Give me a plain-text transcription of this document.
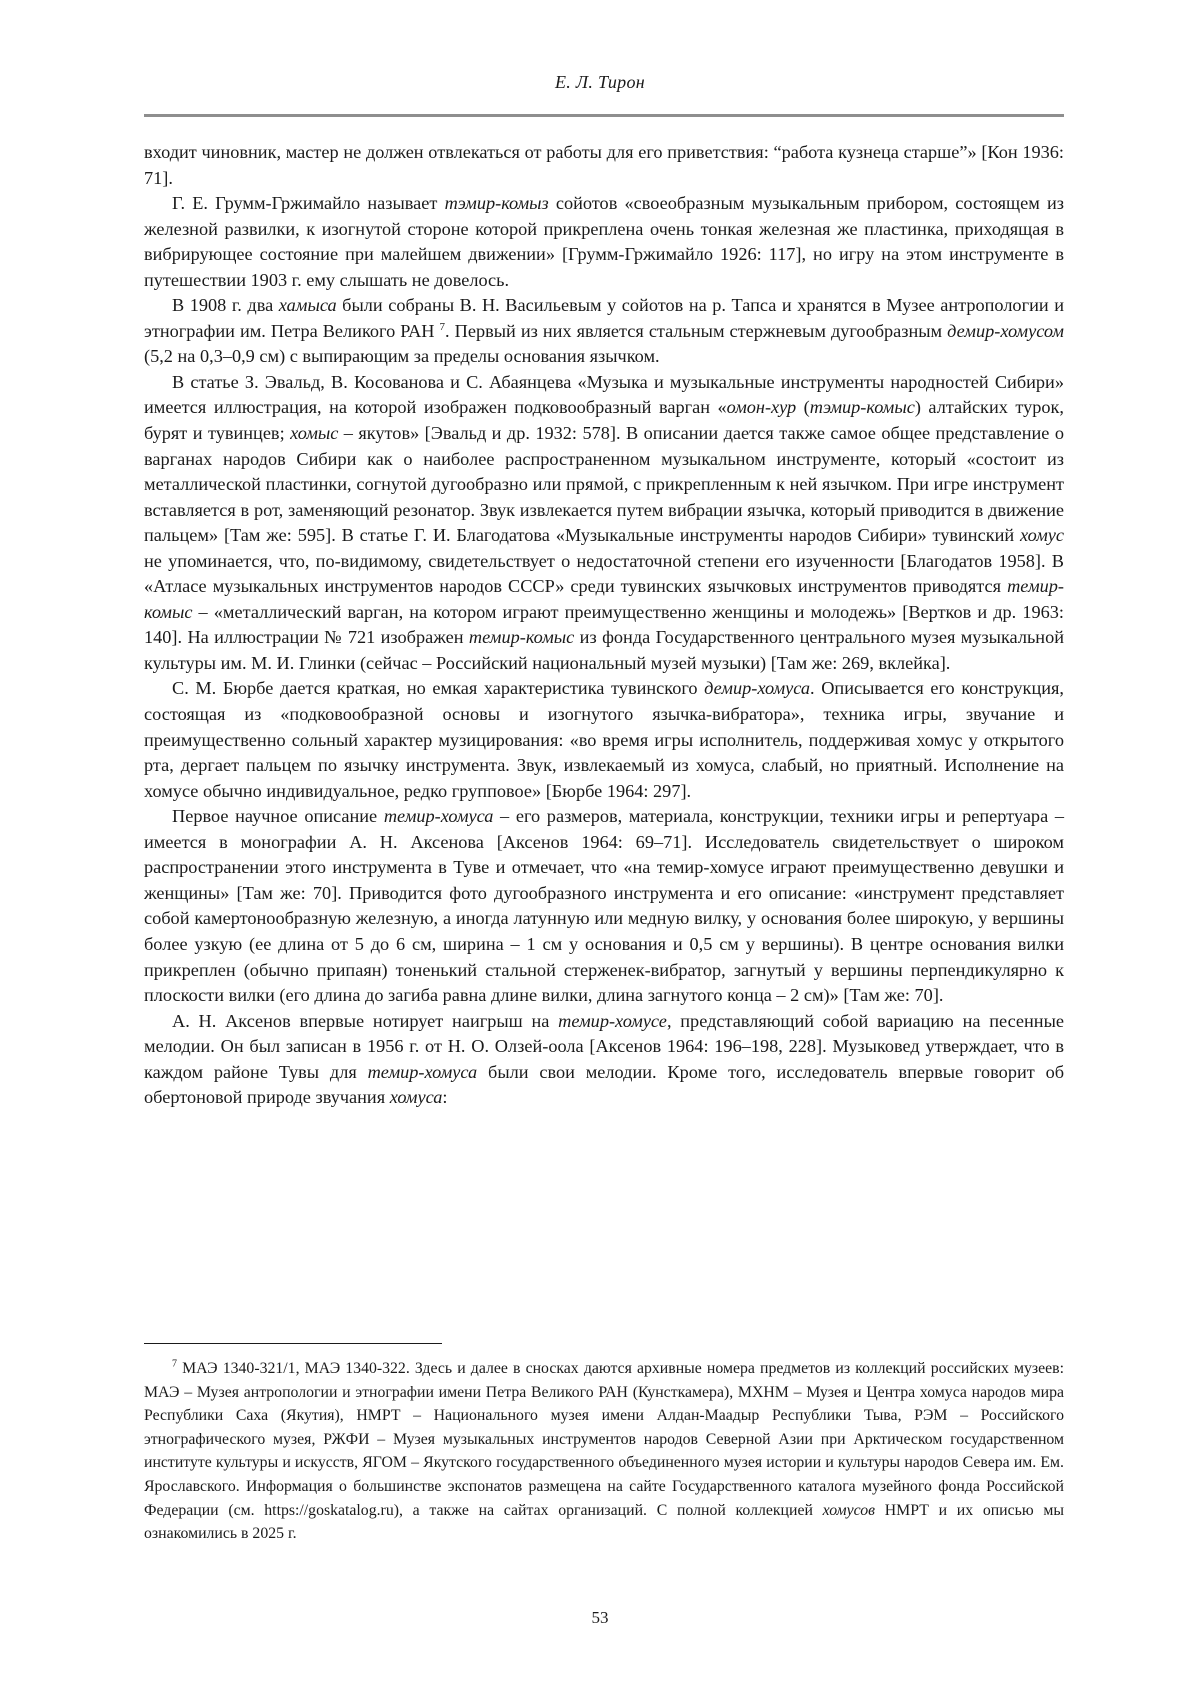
Е. Л. Тирон

входит чиновник, мастер не должен отвлекаться от работы для его приветствия: “работа кузнеца старше”» [Кон 1936: 71].

Г. Е. Грумм-Гржимайло называет тэмир-комыз сойотов «своеобразным музыкальным прибором, состоящем из железной развилки, к изогнутой стороне которой прикреплена очень тонкая железная же пластинка, приходящая в вибрирующее состояние при малейшем движении» [Грумм-Гржимайло 1926: 117], но игру на этом инструменте в путешествии 1903 г. ему слышать не довелось.

В 1908 г. два хамыса были собраны В. Н. Васильевым у сойотов на р. Тапса и хранятся в Музее антропологии и этнографии им. Петра Великого РАН $^7$. Первый из них является стальным стержневым дугообразным демир-хомусом (5,2 на 0,3–0,9 см) с выпирающим за пределы основания язычком.

В статье З. Эвальд, В. Косованова и С. Абаянцева «Музыка и музыкальные инструменты народностей Сибири» имеется иллюстрация, на которой изображен подковообразный варган «омон-хур (тэмир-комыс) алтайских турок, бурят и тувинцев; хомыс – якутов» [Эвальд и др. 1932: 578]. В описании дается также самое общее представление о варганах народов Сибири как о наиболее распространенном музыкальном инструменте, который «состоит из металлической пластинки, согнутой дугообразно или прямой, с прикрепленным к ней язычком. При игре инструмент вставляется в рот, заменяющий резонатор. Звук извлекается путем вибрации язычка, который приводится в движение пальцем» [Там же: 595]. В статье Г. И. Благодатова «Музыкальные инструменты народов Сибири» тувинский хомус не упоминается, что, по-видимому, свидетельствует о недостаточной степени его изученности [Благодатов 1958]. В «Атласе музыкальных инструментов народов СССР» среди тувинских язычковых инструментов приводятся темир-комыс – «металлический варган, на котором играют преимущественно женщины и молодежь» [Вертков и др. 1963: 140]. На иллюстрации № 721 изображен темир-комыс из фонда Государственного центрального музея музыкальной культуры им. М. И. Глинки (сейчас – Российский национальный музей музыки) [Там же: 269, вклейка].

С. М. Бюрбе дается краткая, но емкая характеристика тувинского демир-хомуса. Описывается его конструкция, состоящая из «подковообразной основы и изогнутого язычка-вибратора», техника игры, звучание и преимущественно сольный характер музицирования: «во время игры исполнитель, поддерживая хомус у открытого рта, дергает пальцем по язычку инструмента. Звук, извлекаемый из хомуса, слабый, но приятный. Исполнение на хомусе обычно индивидуальное, редко групповое» [Бюрбе 1964: 297].

Первое научное описание темир-хомуса – его размеров, материала, конструкции, техники игры и репертуара – имеется в монографии А. Н. Аксенова [Аксенов 1964: 69–71]. Исследователь свидетельствует о широком распространении этого инструмента в Туве и отмечает, что «на темир-хомусе играют преимущественно девушки и женщины» [Там же: 70]. Приводится фото дугообразного инструмента и его описание: «инструмент представляет собой камертонообразную железную, а иногда латунную или медную вилку, у основания более широкую, у вершины более узкую (ее длина от 5 до 6 см, ширина – 1 см у основания и 0,5 см у вершины). В центре основания вилки прикреплен (обычно припаян) тоненький стальной стерженек-вибратор, загнутый у вершины перпендикулярно к плоскости вилки (его длина до загиба равна длине вилки, длина загнутого конца – 2 см)» [Там же: 70].

А. Н. Аксенов впервые нотирует наигрыш на темир-хомусе, представляющий собой вариацию на песенные мелодии. Он был записан в 1956 г. от Н. О. Олзей-оола [Аксенов 1964: 196–198, 228]. Музыковед утверждает, что в каждом районе Тувы для темир-хомуса были свои мелодии. Кроме того, исследователь впервые говорит об обертоновой природе звучания хомуса:

$^7$ МАЭ 1340-321/1, МАЭ 1340-322. Здесь и далее в сносках даются архивные номера предметов из коллекций российских музеев: МАЭ – Музея антропологии и этнографии имени Петра Великого РАН (Кунсткамера), МХНМ – Музея и Центра хомуса народов мира Республики Саха (Якутия), НМРТ – Национального музея имени Алдан-Маадыр Республики Тыва, РЭМ – Российского этнографического музея, РЖФИ – Музея музыкальных инструментов народов Северной Азии при Арктическом государственном институте культуры и искусств, ЯГОМ – Якутского государственного объединенного музея истории и культуры народов Севера им. Ем. Ярославского. Информация о большинстве экспонатов размещена на сайте Государственного каталога музейного фонда Российской Федерации (см. https://goskatalog.ru), а также на сайтах организаций. С полной коллекцией хомусов НМРТ и их описью мы ознакомились в 2025 г.

53
